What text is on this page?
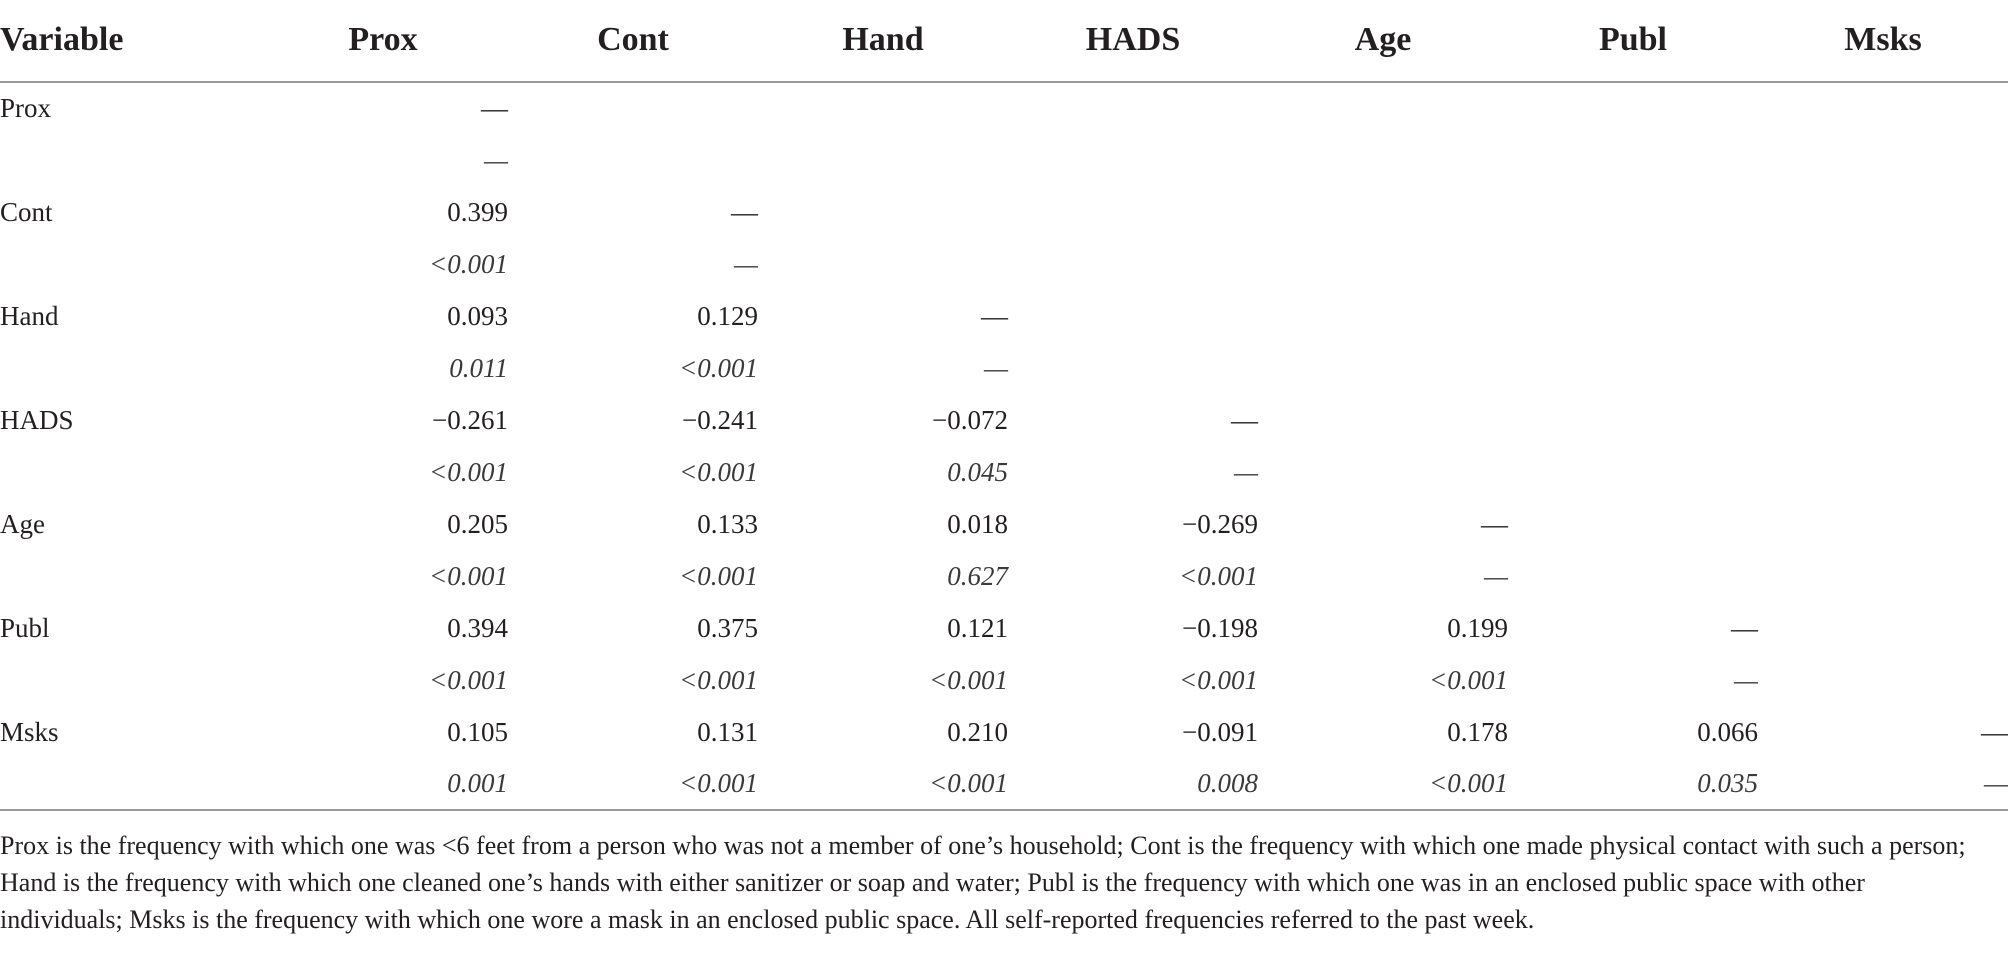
Variable	Prox	Cont	Hand	HADS	Age	Publ	Msks
Prox	—						
	—						
Cont	0.399	—					
	<0.001	—					
Hand	0.093	0.129	—				
	0.011	<0.001	—				
HADS	−0.261	−0.241	−0.072	—			
	<0.001	<0.001	0.045	—			
Age	0.205	0.133	0.018	−0.269	—		
	<0.001	<0.001	0.627	<0.001	—		
Publ	0.394	0.375	0.121	−0.198	0.199	—	
	<0.001	<0.001	<0.001	<0.001	<0.001	—	
Msks	0.105	0.131	0.210	−0.091	0.178	0.066	—
	0.001	<0.001	<0.001	0.008	<0.001	0.035	—
Prox is the frequency with which one was <6 feet from a person who was not a member of one’s household; Cont is the frequency with which one made physical contact with such a person; Hand is the frequency with which one cleaned one’s hands with either sanitizer or soap and water; Publ is the frequency with which one was in an enclosed public space with other individuals; Msks is the frequency with which one wore a mask in an enclosed public space. All self-reported frequencies referred to the past week.
